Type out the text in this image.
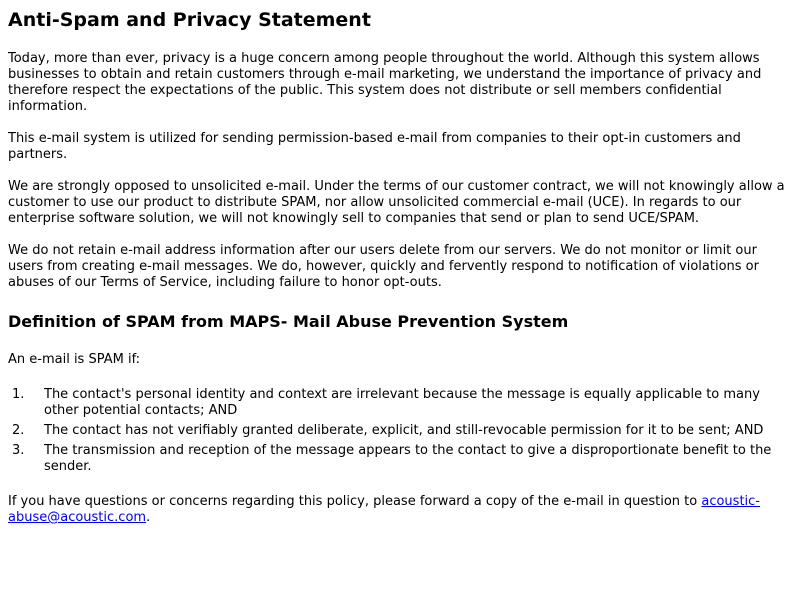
Anti-Spam and Privacy Statement

Today, more than ever, privacy is a huge concern among people throughout the world. Although this system allows businesses to obtain and retain customers through e-mail marketing, we understand the importance of privacy and therefore respect the expectations of the public. This system does not distribute or sell members confidential information.

This e-mail system is utilized for sending permission-based e-mail from companies to their opt-in customers and partners.

We are strongly opposed to unsolicited e-mail. Under the terms of our customer contract, we will not knowingly allow a customer to use our product to distribute SPAM, nor allow unsolicited commercial e-mail (UCE). In regards to our enterprise software solution, we will not knowingly sell to companies that send or plan to send UCE/SPAM.

We do not retain e-mail address information after our users delete from our servers. We do not monitor or limit our users from creating e-mail messages. We do, however, quickly and fervently respond to notification of violations or abuses of our Terms of Service, including failure to honor opt-outs.

Definition of SPAM from MAPS- Mail Abuse Prevention System

An e-mail is SPAM if:

1. The contact's personal identity and context are irrelevant because the message is equally applicable to many other potential contacts; AND
2. The contact has not verifiably granted deliberate, explicit, and still-revocable permission for it to be sent; AND
3. The transmission and reception of the message appears to the contact to give a disproportionate benefit to the sender.

If you have questions or concerns regarding this policy, please forward a copy of the e-mail in question to acoustic-abuse@acoustic.com.
